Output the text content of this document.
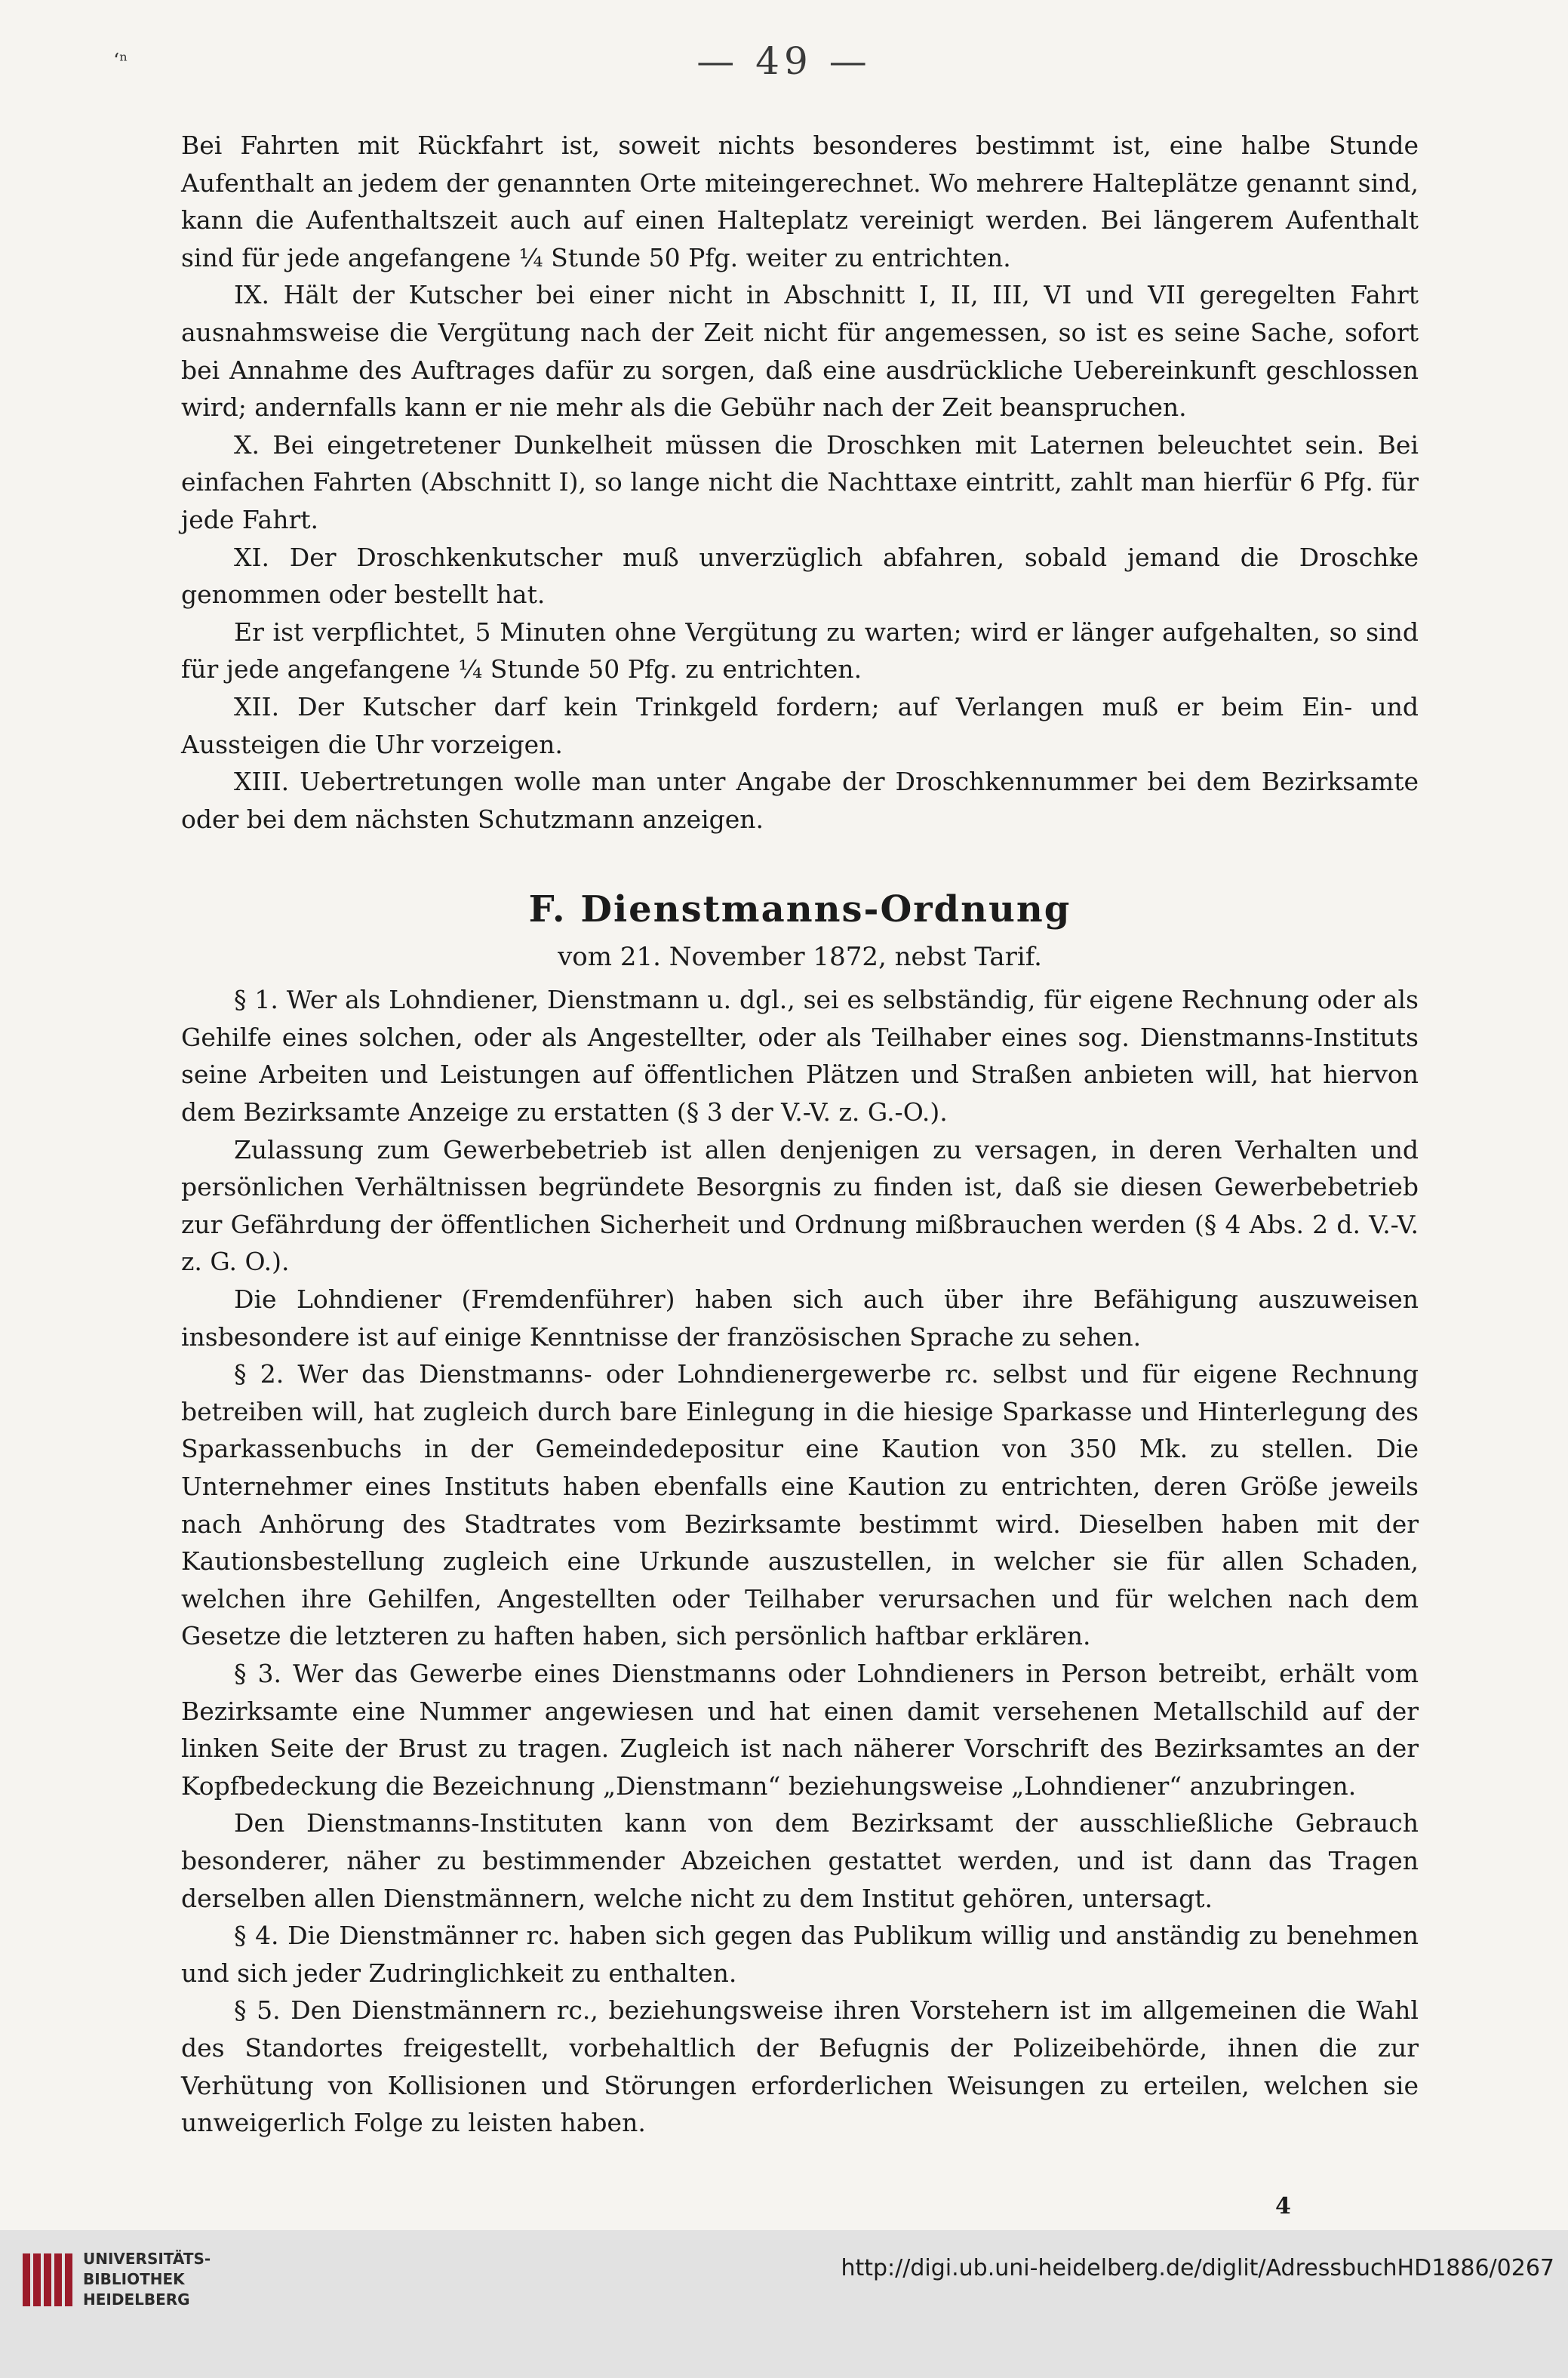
‘ⁿ	— 49 —

Bei Fahrten mit Rückfahrt ist, soweit nichts besonderes bestimmt ist, eine halbe Stunde Aufenthalt an jedem der genannten Orte miteingerechnet. Wo mehrere Halteplätze genannt sind, kann die Aufenthaltszeit auch auf einen Halteplatz vereinigt werden. Bei längerem Aufenthalt sind für jede angefangene ¼ Stunde 50 Pfg. weiter zu entrichten.

IX. Hält der Kutscher bei einer nicht in Abschnitt I, II, III, VI und VII geregelten Fahrt ausnahmsweise die Vergütung nach der Zeit nicht für angemessen, so ist es seine Sache, sofort bei Annahme des Auftrages dafür zu sorgen, daß eine ausdrückliche Uebereinkunft geschlossen wird; andernfalls kann er nie mehr als die Gebühr nach der Zeit beanspruchen.

X. Bei eingetretener Dunkelheit müssen die Droschken mit Laternen beleuchtet sein. Bei einfachen Fahrten (Abschnitt I), so lange nicht die Nachttaxe eintritt, zahlt man hierfür 6 Pfg. für jede Fahrt.

XI. Der Droschkenkutscher muß unverzüglich abfahren, sobald jemand die Droschke genommen oder bestellt hat.

Er ist verpflichtet, 5 Minuten ohne Vergütung zu warten; wird er länger aufgehalten, so sind für jede angefangene ¼ Stunde 50 Pfg. zu entrichten.

XII. Der Kutscher darf kein Trinkgeld fordern; auf Verlangen muß er beim Ein- und Aussteigen die Uhr vorzeigen.

XIII. Uebertretungen wolle man unter Angabe der Droschkennummer bei dem Bezirksamte oder bei dem nächsten Schutzmann anzeigen.

F. Dienstmanns-Ordnung
vom 21. November 1872, nebst Tarif.

§ 1. Wer als Lohndiener, Dienstmann u. dgl., sei es selbständig, für eigene Rechnung oder als Gehilfe eines solchen, oder als Angestellter, oder als Teilhaber eines sog. Dienstmanns-Instituts seine Arbeiten und Leistungen auf öffentlichen Plätzen und Straßen anbieten will, hat hiervon dem Bezirksamte Anzeige zu erstatten (§ 3 der V.-V. z. G.-O.).

Zulassung zum Gewerbebetrieb ist allen denjenigen zu versagen, in deren Verhalten und persönlichen Verhältnissen begründete Besorgnis zu finden ist, daß sie diesen Gewerbebetrieb zur Gefährdung der öffentlichen Sicherheit und Ordnung mißbrauchen werden (§ 4 Abs. 2 d. V.-V. z. G. O.).

Die Lohndiener (Fremdenführer) haben sich auch über ihre Befähigung auszuweisen insbesondere ist auf einige Kenntnisse der französischen Sprache zu sehen.

§ 2. Wer das Dienstmanns- oder Lohndienergewerbe rc. selbst und für eigene Rechnung betreiben will, hat zugleich durch bare Einlegung in die hiesige Sparkasse und Hinterlegung des Sparkassenbuchs in der Gemeindedepositur eine Kaution von 350 Mk. zu stellen. Die Unternehmer eines Instituts haben ebenfalls eine Kaution zu entrichten, deren Größe jeweils nach Anhörung des Stadtrates vom Bezirksamte bestimmt wird. Dieselben haben mit der Kautionsbestellung zugleich eine Urkunde auszustellen, in welcher sie für allen Schaden, welchen ihre Gehilfen, Angestellten oder Teilhaber verursachen und für welchen nach dem Gesetze die letzteren zu haften haben, sich persönlich haftbar erklären.

§ 3. Wer das Gewerbe eines Dienstmanns oder Lohndieners in Person betreibt, erhält vom Bezirksamte eine Nummer angewiesen und hat einen damit versehenen Metallschild auf der linken Seite der Brust zu tragen. Zugleich ist nach näherer Vorschrift des Bezirksamtes an der Kopfbedeckung die Bezeichnung „Dienstmann“ beziehungsweise „Lohndiener“ anzubringen.

Den Dienstmanns-Instituten kann von dem Bezirksamt der ausschließliche Gebrauch besonderer, näher zu bestimmender Abzeichen gestattet werden, und ist dann das Tragen derselben allen Dienstmännern, welche nicht zu dem Institut gehören, untersagt.

§ 4. Die Dienstmänner rc. haben sich gegen das Publikum willig und anständig zu benehmen und sich jeder Zudringlichkeit zu enthalten.

§ 5. Den Dienstmännern rc., beziehungsweise ihren Vorstehern ist im allgemeinen die Wahl des Standortes freigestellt, vorbehaltlich der Befugnis der Polizeibehörde, ihnen die zur Verhütung von Kollisionen und Störungen erforderlichen Weisungen zu erteilen, welchen sie unweigerlich Folge zu leisten haben.

4
UNIVERSITÄTS-
BIBLIOTHEK
HEIDELBERG
http://digi.ub.uni-heidelberg.de/diglit/AdressbuchHD1886/0267
